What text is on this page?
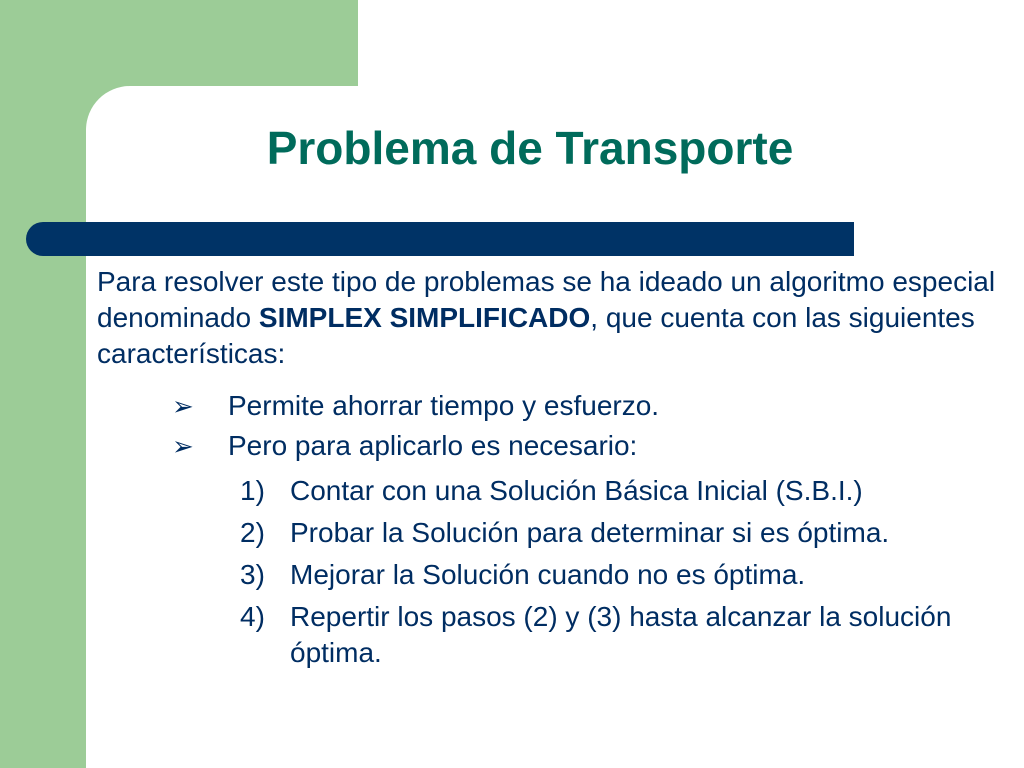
Problema de Transporte

Para resolver este tipo de problemas se ha ideado un algoritmo especial denominado SIMPLEX SIMPLIFICADO, que cuenta con las siguientes características:

➢ Permite ahorrar tiempo y esfuerzo.
➢ Pero para aplicarlo es necesario:
1) Contar con una Solución Básica Inicial (S.B.I.)
2) Probar la Solución para determinar si es óptima.
3) Mejorar la Solución cuando no es óptima.
4) Repertir los pasos (2) y (3) hasta alcanzar la solución óptima.
